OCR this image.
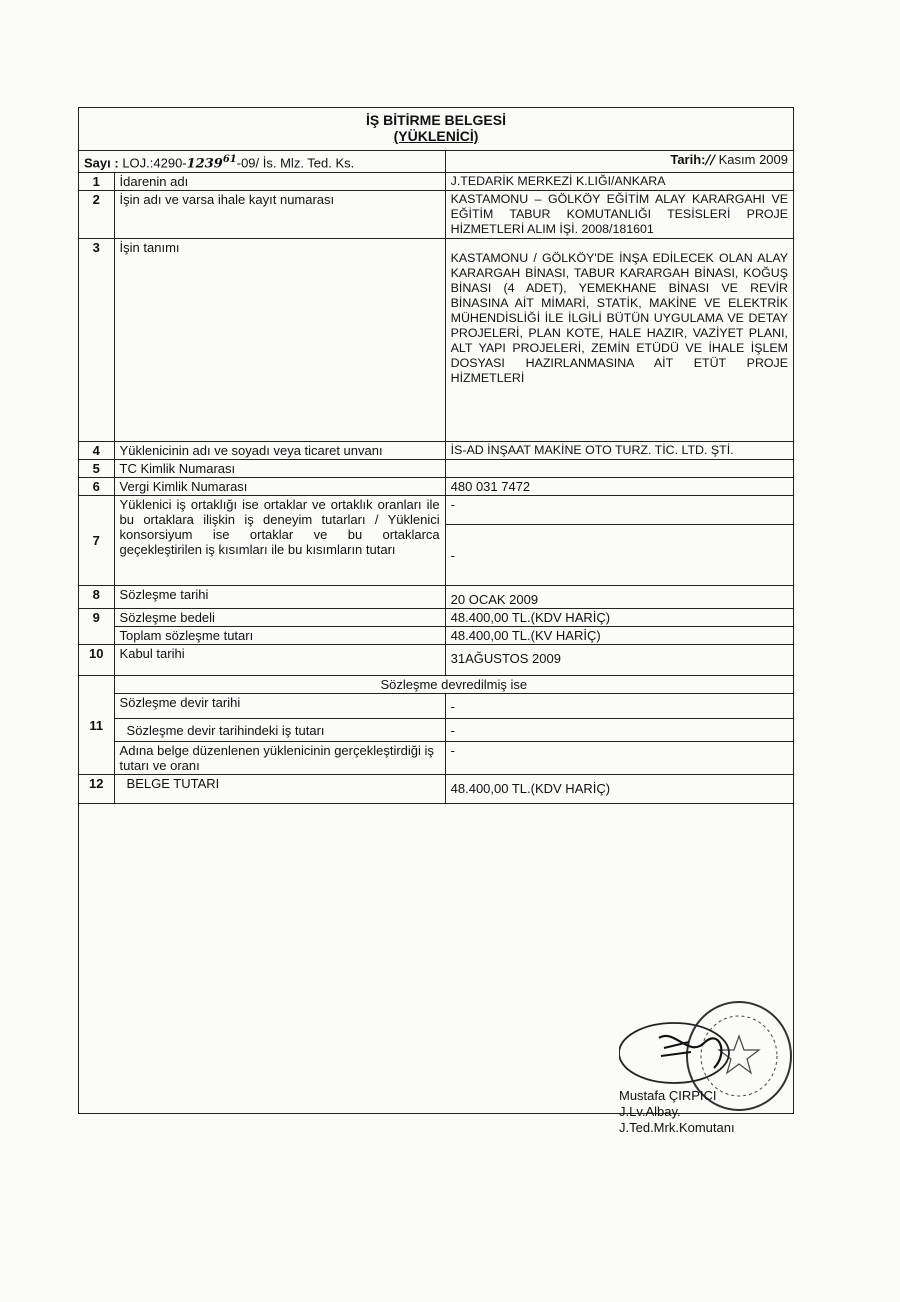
İŞ BİTİRME BELGESİ
(YÜKLENİCİ)
Sayı : LOJ.:4290-1239$^{61}$-09/ İs. Mlz. Ted. Ks.		Tarih:// Kasım 2009
1	İdarenin adı	J.TEDARİK MERKEZİ K.LIĞI/ANKARA
2	İşin adı ve varsa ihale kayıt numarası	KASTAMONU – GÖLKÖY EĞİTİM ALAY KARARGAHI VE EĞİTİM TABUR KOMUTANLIĞI TESİSLERİ PROJE HİZMETLERİ ALIM İŞİ. 2008/181601
3	İşin tanımı	KASTAMONU / GÖLKÖY'DE İNŞA EDİLECEK OLAN ALAY KARARGAH BİNASI, TABUR KARARGAH BİNASI, KOĞUŞ BİNASI (4 ADET), YEMEKHANE BİNASI VE REVİR BİNASINA AİT MİMARİ, STATİK, MAKİNE VE ELEKTRİK MÜHENDİSLİĞİ İLE İLGİLİ BÜTÜN UYGULAMA VE DETAY PROJELERİ, PLAN KOTE, HALE HAZIR, VAZİYET PLANI, ALT YAPI PROJELERİ, ZEMİN ETÜDÜ VE İHALE İŞLEM DOSYASI HAZIRLANMASINA AİT ETÜT PROJE HİZMETLERİ
4	Yüklenicinin adı ve soyadı veya ticaret unvanı	İS-AD İNŞAAT MAKİNE OTO TURZ. TİC. LTD. ŞTİ.
5	TC Kimlik Numarası	
6	Vergi Kimlik Numarası	480 031 7472
7	Yüklenici iş ortaklığı ise ortaklar ve ortaklık oranları ile bu ortaklara ilişkin iş deneyim tutarları / Yüklenici konsorsiyum ise ortaklar ve bu ortaklarca geçekleştirilen iş kısımları ile bu kısımların tutarı	-
		-
8	Sözleşme tarihi	20 OCAK 2009
9	Sözleşme bedeli	48.400,00 TL.(KDV HARİÇ)
	Toplam sözleşme tutarı	48.400,00 TL.(KV HARİÇ)
10	Kabul tarihi	31AĞUSTOS 2009
11	Sözleşme devredilmiş ise	
	Sözleşme devir tarihi	-
	Sözleşme devir tarihindeki iş tutarı	-
	Adına belge düzenlenen yüklenicinin gerçekleştirdiği iş tutarı ve oranı	-
12	BELGE TUTARI	48.400,00 TL.(KDV HARİÇ)
Mustafa ÇIRPICI
J.Lv.Albay.
J.Ted.Mrk.Komutanı
